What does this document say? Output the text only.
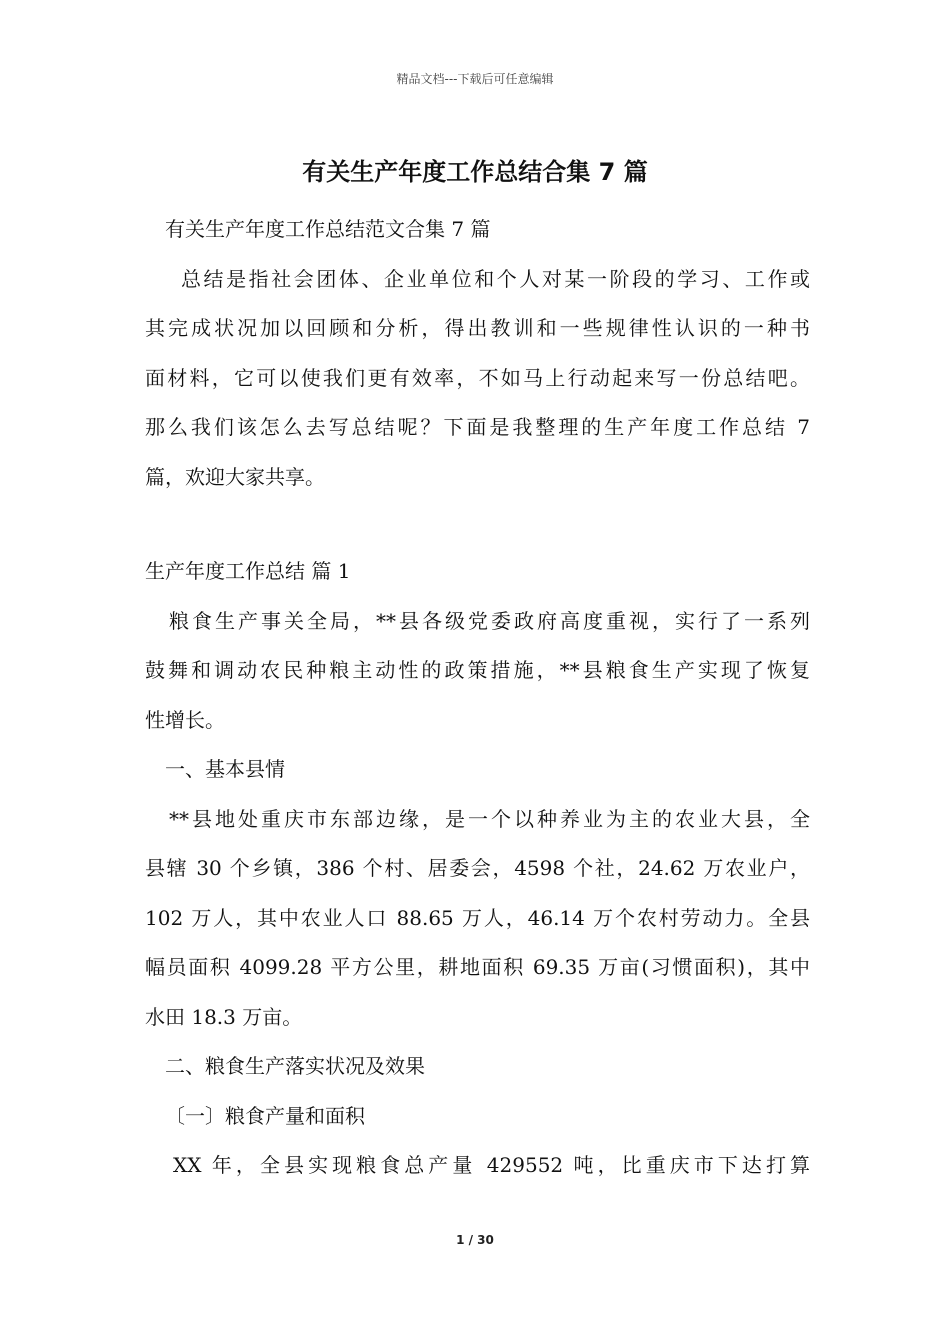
精品文档---下载后可任意编辑
有关生产年度工作总结合集 7 篇
有关生产年度工作总结范文合集 7 篇
总结是指社会团体、企业单位和个人对某一阶段的学习、工作或
其完成状况加以回顾和分析，得出教训和一些规律性认识的一种书
面材料，它可以使我们更有效率，不如马上行动起来写一份总结吧。
那么我们该怎么去写总结呢？下面是我整理的生产年度工作总结 7
篇，欢迎大家共享。
生产年度工作总结 篇 1
粮食生产事关全局，**县各级党委政府高度重视，实行了一系列
鼓舞和调动农民种粮主动性的政策措施，**县粮食生产实现了恢复
性增长。
一、基本县情
**县地处重庆市东部边缘，是一个以种养业为主的农业大县，全
县辖 30 个乡镇，386 个村、居委会，4598 个社，24.62 万农业户，
102 万人，其中农业人口 88.65 万人，46.14 万个农村劳动力。全县
幅员面积 4099.28 平方公里，耕地面积 69.35 万亩(习惯面积)，其中
水田 18.3 万亩。
二、粮食生产落实状况及效果
〔一〕粮食产量和面积
XX 年，全县实现粮食总产量 429552 吨，比重庆市下达打算
1 / 30
